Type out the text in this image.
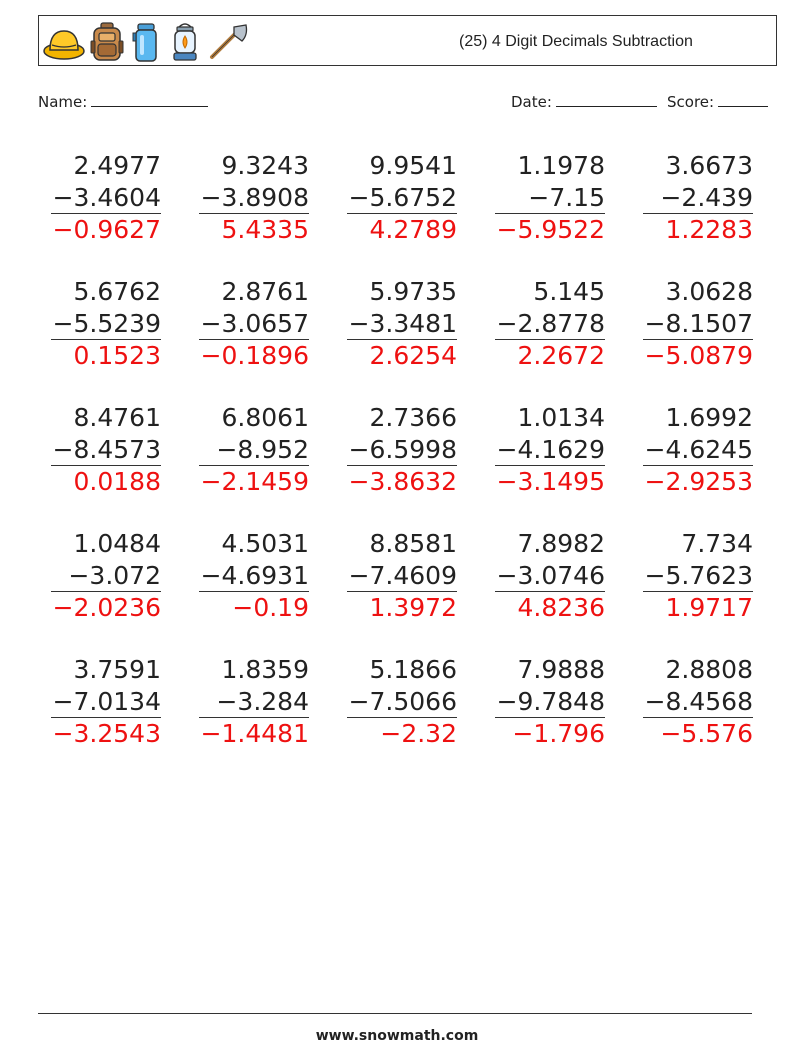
(25) 4 Digit Decimals Subtraction
Name:	Date:	Score:
2.4977
−3.4604
−0.9627
9.3243
−3.8908
5.4335
9.9541
−5.6752
4.2789
1.1978
−7.15
−5.9522
3.6673
−2.439
1.2283
5.6762
−5.5239
0.1523
2.8761
−3.0657
−0.1896
5.9735
−3.3481
2.6254
5.145
−2.8778
2.2672
3.0628
−8.1507
−5.0879
8.4761
−8.4573
0.0188
6.8061
−8.952
−2.1459
2.7366
−6.5998
−3.8632
1.0134
−4.1629
−3.1495
1.6992
−4.6245
−2.9253
1.0484
−3.072
−2.0236
4.5031
−4.6931
−0.19
8.8581
−7.4609
1.3972
7.8982
−3.0746
4.8236
7.734
−5.7623
1.9717
3.7591
−7.0134
−3.2543
1.8359
−3.284
−1.4481
5.1866
−7.5066
−2.32
7.9888
−9.7848
−1.796
2.8808
−8.4568
−5.576
www.snowmath.com
